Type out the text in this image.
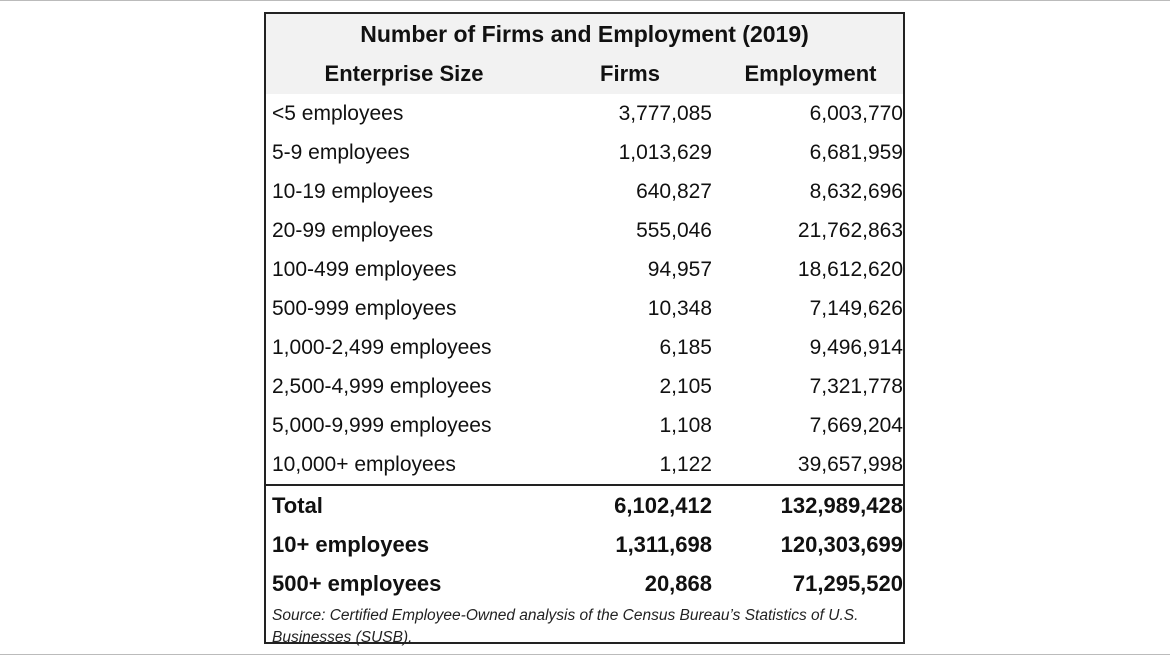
Number of Firms and Employment (2019)
Enterprise Size	Firms	Employment
<5 employees	3,777,085	6,003,770
5-9 employees	1,013,629	6,681,959
10-19 employees	640,827	8,632,696
20-99 employees	555,046	21,762,863
100-499 employees	94,957	18,612,620
500-999 employees	10,348	7,149,626
1,000-2,499 employees	6,185	9,496,914
2,500-4,999 employees	2,105	7,321,778
5,000-9,999 employees	1,108	7,669,204
10,000+ employees	1,122	39,657,998
Total	6,102,412	132,989,428
10+ employees	1,311,698	120,303,699
500+ employees	20,868	71,295,520
Source: Certified Employee-Owned analysis of the Census Bureau’s Statistics of U.S. Businesses (SUSB).
